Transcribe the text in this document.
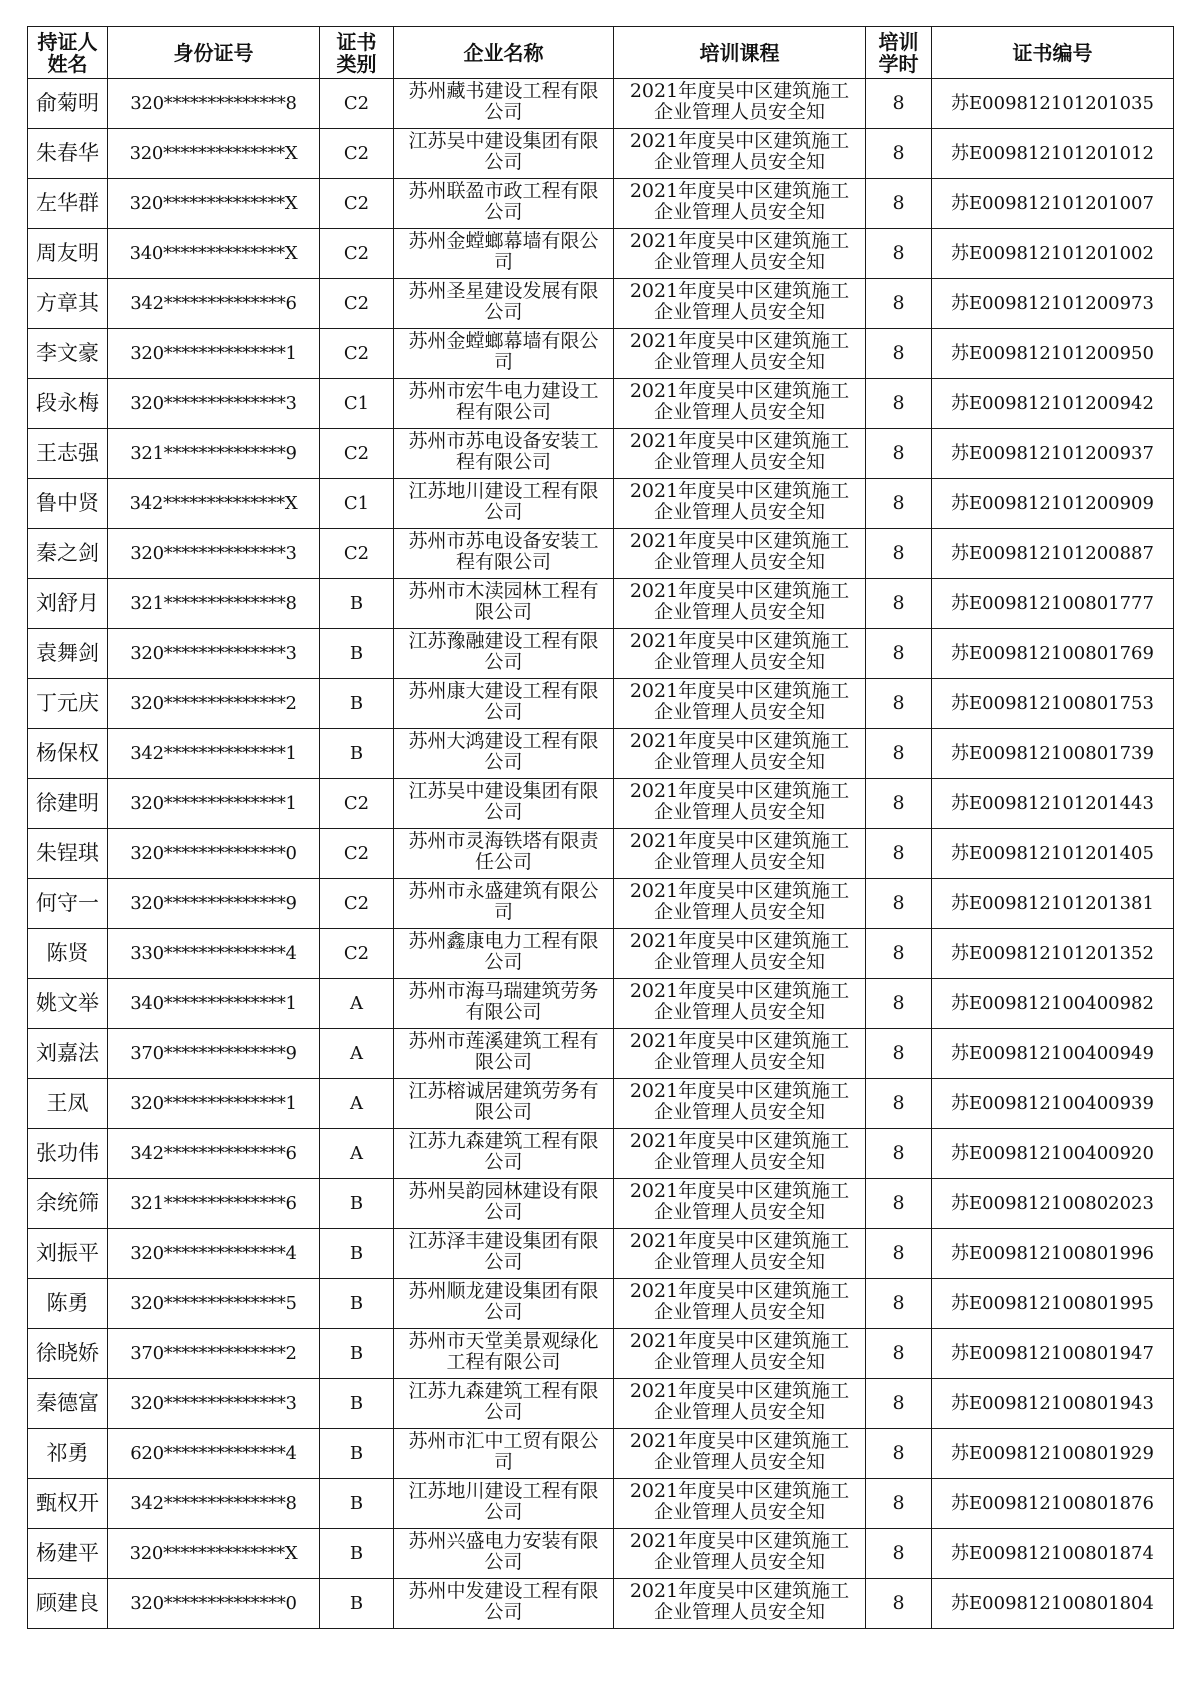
持证人姓名	身份证号	证书类别	企业名称	培训课程	培训学时	证书编号
俞菊明	320**************8	C2	苏州藏书建设工程有限公司	2021年度吴中区建筑施工企业管理人员安全知	8	苏E009812101201035
朱春华	320**************X	C2	江苏吴中建设集团有限公司	2021年度吴中区建筑施工企业管理人员安全知	8	苏E009812101201012
左华群	320**************X	C2	苏州联盈市政工程有限公司	2021年度吴中区建筑施工企业管理人员安全知	8	苏E009812101201007
周友明	340**************X	C2	苏州金螳螂幕墙有限公司	2021年度吴中区建筑施工企业管理人员安全知	8	苏E009812101201002
方章其	342**************6	C2	苏州圣星建设发展有限公司	2021年度吴中区建筑施工企业管理人员安全知	8	苏E009812101200973
李文豪	320**************1	C2	苏州金螳螂幕墙有限公司	2021年度吴中区建筑施工企业管理人员安全知	8	苏E009812101200950
段永梅	320**************3	C1	苏州市宏牛电力建设工程有限公司	2021年度吴中区建筑施工企业管理人员安全知	8	苏E009812101200942
王志强	321**************9	C2	苏州市苏电设备安装工程有限公司	2021年度吴中区建筑施工企业管理人员安全知	8	苏E009812101200937
鲁中贤	342**************X	C1	江苏地川建设工程有限公司	2021年度吴中区建筑施工企业管理人员安全知	8	苏E009812101200909
秦之剑	320**************3	C2	苏州市苏电设备安装工程有限公司	2021年度吴中区建筑施工企业管理人员安全知	8	苏E009812101200887
刘舒月	321**************8	B	苏州市木渎园林工程有限公司	2021年度吴中区建筑施工企业管理人员安全知	8	苏E009812100801777
袁舞剑	320**************3	B	江苏豫融建设工程有限公司	2021年度吴中区建筑施工企业管理人员安全知	8	苏E009812100801769
丁元庆	320**************2	B	苏州康大建设工程有限公司	2021年度吴中区建筑施工企业管理人员安全知	8	苏E009812100801753
杨保权	342**************1	B	苏州大鸿建设工程有限公司	2021年度吴中区建筑施工企业管理人员安全知	8	苏E009812100801739
徐建明	320**************1	C2	江苏吴中建设集团有限公司	2021年度吴中区建筑施工企业管理人员安全知	8	苏E009812101201443
朱锃琪	320**************0	C2	苏州市灵海铁塔有限责任公司	2021年度吴中区建筑施工企业管理人员安全知	8	苏E009812101201405
何守一	320**************9	C2	苏州市永盛建筑有限公司	2021年度吴中区建筑施工企业管理人员安全知	8	苏E009812101201381
陈贤	330**************4	C2	苏州鑫康电力工程有限公司	2021年度吴中区建筑施工企业管理人员安全知	8	苏E009812101201352
姚文举	340**************1	A	苏州市海马瑞建筑劳务有限公司	2021年度吴中区建筑施工企业管理人员安全知	8	苏E009812100400982
刘嘉法	370**************9	A	苏州市莲溪建筑工程有限公司	2021年度吴中区建筑施工企业管理人员安全知	8	苏E009812100400949
王凤	320**************1	A	江苏榕诚居建筑劳务有限公司	2021年度吴中区建筑施工企业管理人员安全知	8	苏E009812100400939
张功伟	342**************6	A	江苏九森建筑工程有限公司	2021年度吴中区建筑施工企业管理人员安全知	8	苏E009812100400920
余统筛	321**************6	B	苏州吴韵园林建设有限公司	2021年度吴中区建筑施工企业管理人员安全知	8	苏E009812100802023
刘振平	320**************4	B	江苏泽丰建设集团有限公司	2021年度吴中区建筑施工企业管理人员安全知	8	苏E009812100801996
陈勇	320**************5	B	苏州顺龙建设集团有限公司	2021年度吴中区建筑施工企业管理人员安全知	8	苏E009812100801995
徐晓娇	370**************2	B	苏州市天堂美景观绿化工程有限公司	2021年度吴中区建筑施工企业管理人员安全知	8	苏E009812100801947
秦德富	320**************3	B	江苏九森建筑工程有限公司	2021年度吴中区建筑施工企业管理人员安全知	8	苏E009812100801943
祁勇	620**************4	B	苏州市汇中工贸有限公司	2021年度吴中区建筑施工企业管理人员安全知	8	苏E009812100801929
甄权开	342**************8	B	江苏地川建设工程有限公司	2021年度吴中区建筑施工企业管理人员安全知	8	苏E009812100801876
杨建平	320**************X	B	苏州兴盛电力安装有限公司	2021年度吴中区建筑施工企业管理人员安全知	8	苏E009812100801874
顾建良	320**************0	B	苏州中发建设工程有限公司	2021年度吴中区建筑施工企业管理人员安全知	8	苏E009812100801804
